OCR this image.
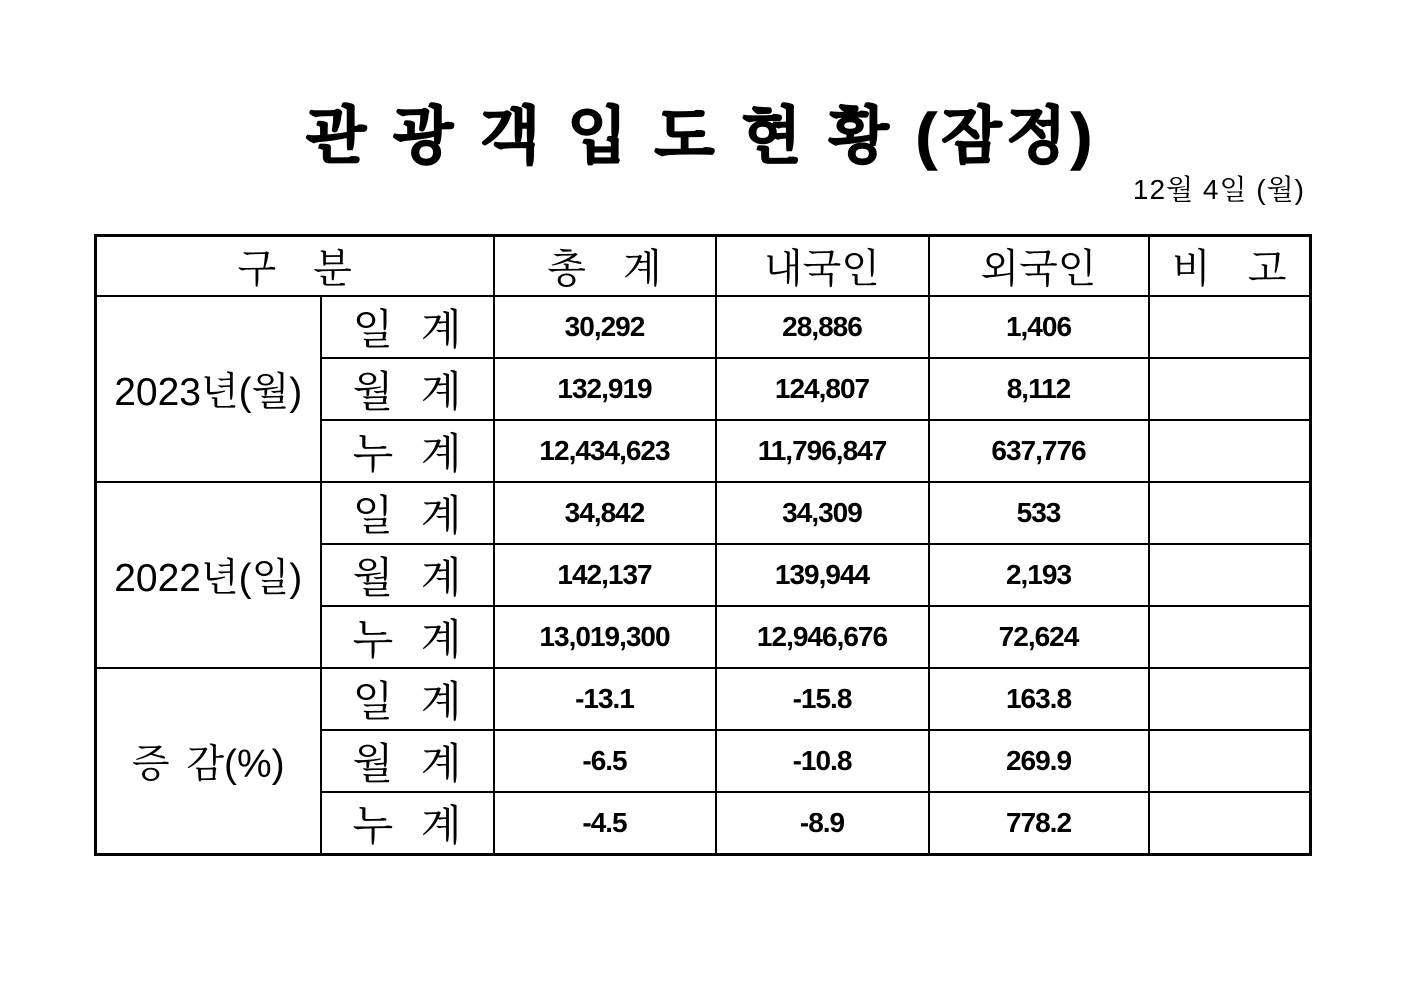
관 광 객 입 도 현 황 (잠정)
12월 4일 (월)
구 분		총 계	내국인	외국인	비 고
2023년(월)	일 계	30,292	28,886	1,406	
	월 계	132,919	124,807	8,112	
	누 계	12,434,623	11,796,847	637,776	
2022년(일)	일 계	34,842	34,309	533	
	월 계	142,137	139,944	2,193	
	누 계	13,019,300	12,946,676	72,624	
증 감(%)	일 계	-13.1	-15.8	163.8	
	월 계	-6.5	-10.8	269.9	
	누 계	-4.5	-8.9	778.2	
